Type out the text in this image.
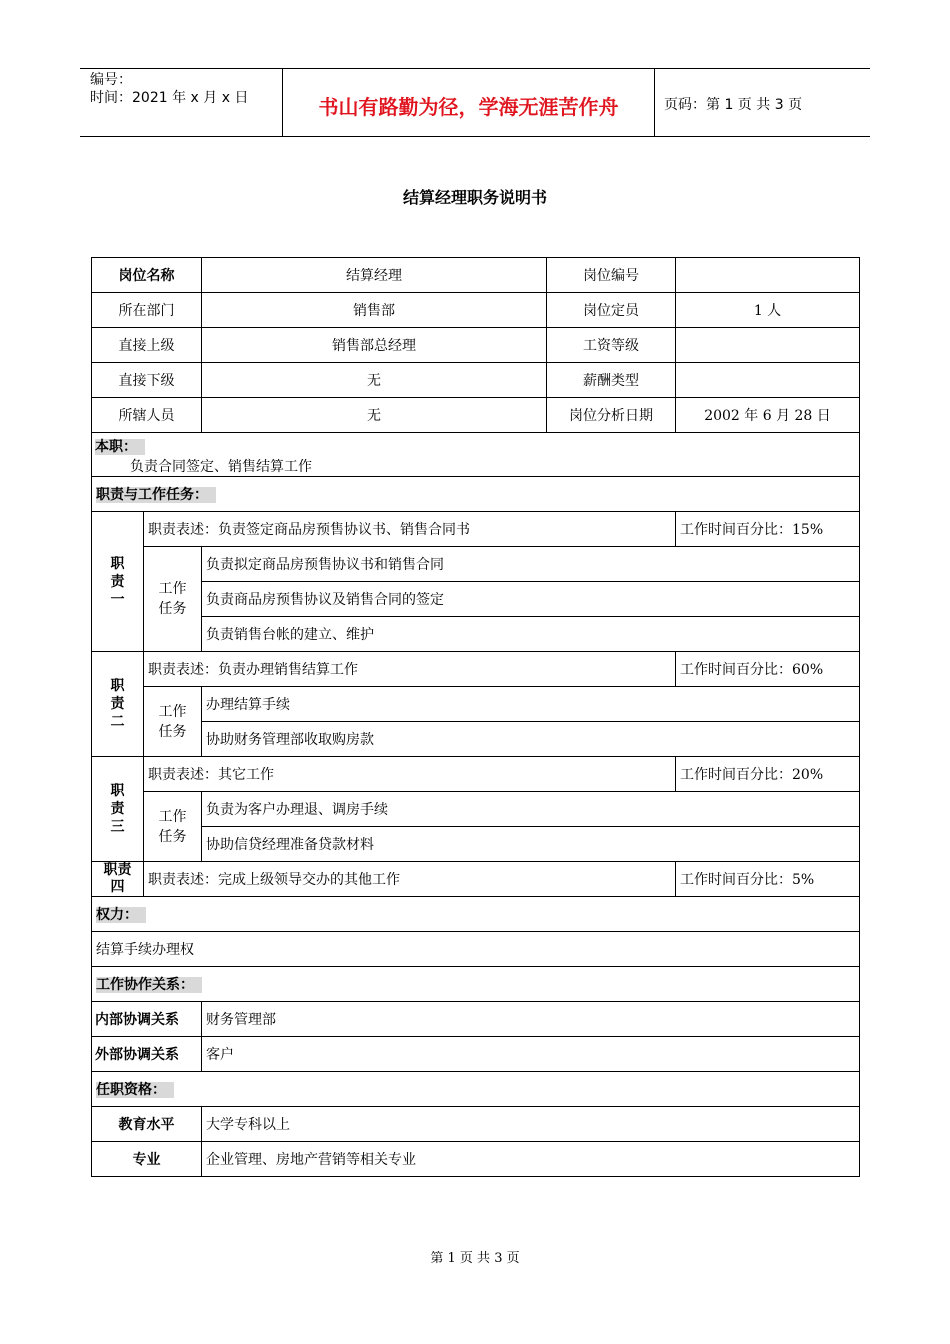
编号：
时间：2021 年 x 月 x 日	书山有路勤为径，学海无涯苦作舟	页码：第 1 页 共 3 页
结算经理职务说明书
岗位名称		结算经理	岗位编号	
所在部门		销售部	岗位定员	1 人
直接上级		销售部总经理	工资等级	
直接下级		无	薪酬类型	
所辖人员		无	岗位分析日期	2002 年 6 月 28 日

本职：
负责合同签定、销售结算工作				

职责与工作任务：				

职责一	职责表述：负责签定商品房预售协议书、销售合同书			工作时间百分比：15%

	工作任务	负责拟定商品房预售协议书和销售合同		
		负责商品房预售协议及销售合同的签定		
		负责销售台帐的建立、维护		

职责二	职责表述：负责办理销售结算工作			工作时间百分比：60%

	工作任务	办理结算手续		
		协助财务管理部收取购房款		

职责三	职责表述：其它工作			工作时间百分比：20%

	工作任务	负责为客户办理退、调房手续		
		协助信贷经理准备贷款材料		

职责四	职责表述：完成上级领导交办的其他工作			工作时间百分比：5%
权力：				
结算手续办理权				
工作协作关系：				
内部协调关系		财务管理部		
外部协调关系		客户		
任职资格：				
教育水平		大学专科以上		
专业		企业管理、房地产营销等相关专业		
第 1 页 共 3 页
